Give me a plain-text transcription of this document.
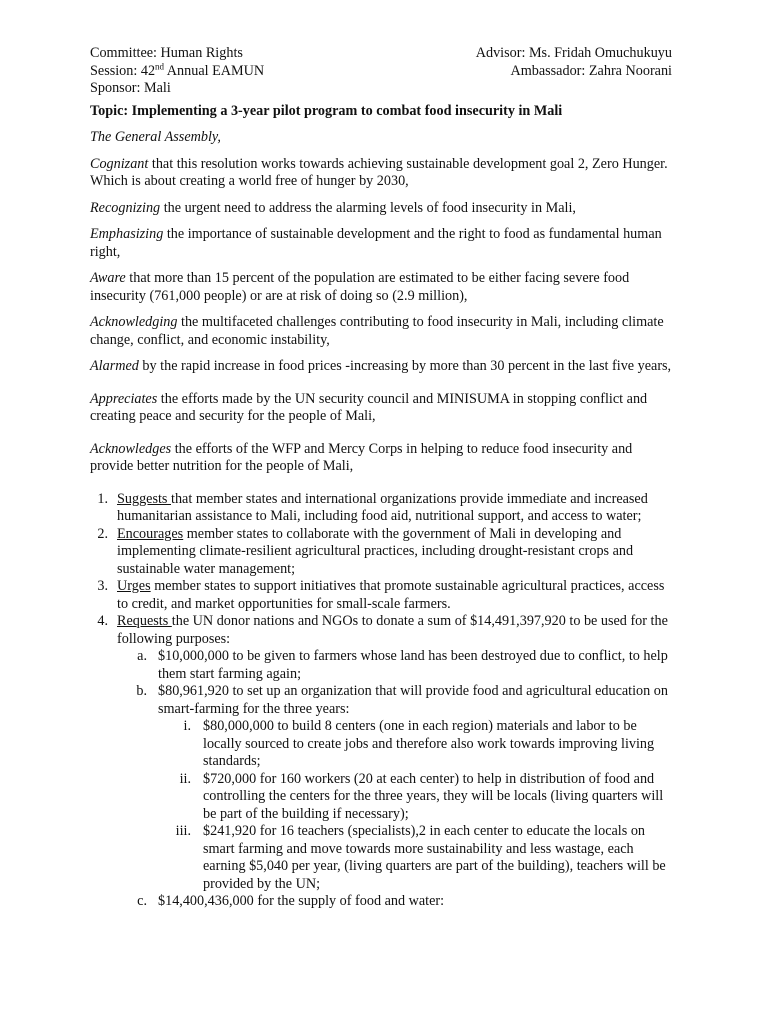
Committee: Human Rights
Session: 42nd Annual EAMUN
Sponsor: Mali
Advisor: Ms. Fridah Omuchukuyu
Ambassador: Zahra Noorani

Topic: Implementing a 3-year pilot program to combat food insecurity in Mali

The General Assembly,

Cognizant that this resolution works towards achieving sustainable development goal 2, Zero Hunger. Which is about creating a world free of hunger by 2030,

Recognizing the urgent need to address the alarming levels of food insecurity in Mali,

Emphasizing the importance of sustainable development and the right to food as fundamental human right,

Aware that more than 15 percent of the population are estimated to be either facing severe food insecurity (761,000 people) or are at risk of doing so (2.9 million),

Acknowledging the multifaceted challenges contributing to food insecurity in Mali, including climate change, conflict, and economic instability,

Alarmed by the rapid increase in food prices -increasing by more than 30 percent in the last five years,

Appreciates the efforts made by the UN security council and MINISUMA in stopping conflict and creating peace and security for the people of Mali,

Acknowledges the efforts of the WFP and Mercy Corps in helping to reduce food insecurity and provide better nutrition for the people of Mali,

1. Suggests that member states and international organizations provide immediate and increased humanitarian assistance to Mali, including food aid, nutritional support, and access to water;
2. Encourages member states to collaborate with the government of Mali in developing and implementing climate-resilient agricultural practices, including drought-resistant crops and sustainable water management;
3. Urges member states to support initiatives that promote sustainable agricultural practices, access to credit, and market opportunities for small-scale farmers.
4. Requests the UN donor nations and NGOs to donate a sum of $14,491,397,920 to be used for the following purposes:
a. $10,000,000 to be given to farmers whose land has been destroyed due to conflict, to help them start farming again;
b. $80,961,920 to set up an organization that will provide food and agricultural education on smart-farming for the three years:
i. $80,000,000 to build 8 centers (one in each region) materials and labor to be locally sourced to create jobs and therefore also work towards improving living standards;
ii. $720,000 for 160 workers (20 at each center) to help in distribution of food and controlling the centers for the three years, they will be locals (living quarters will be part of the building if necessary);
iii. $241,920 for 16 teachers (specialists),2 in each center to educate the locals on smart farming and move towards more sustainability and less wastage, each earning $5,040 per year, (living quarters are part of the building), teachers will be provided by the UN;
c. $14,400,436,000 for the supply of food and water:
